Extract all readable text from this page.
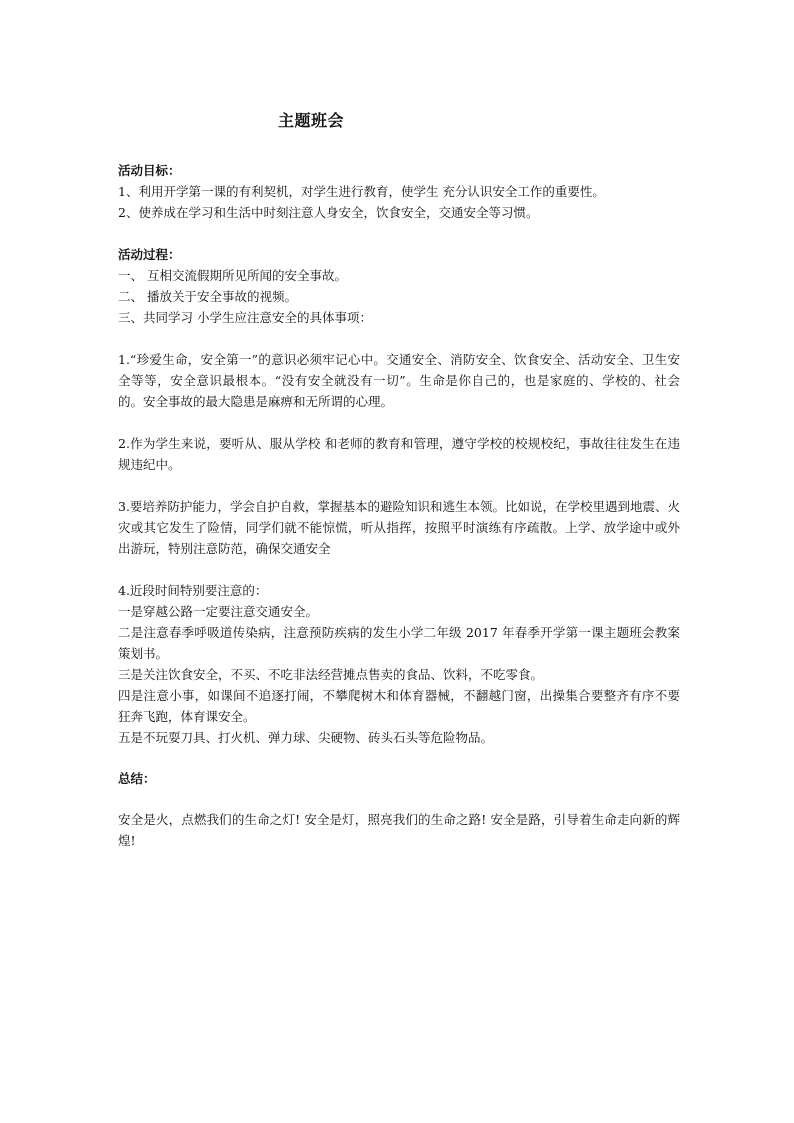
主题班会

活动目标：

1、利用开学第一课的有利契机，对学生进行教育，使学生 充分认识安全工作的重要性。

2、使养成在学习和生活中时刻注意人身安全，饮食安全，交通安全等习惯。

活动过程：

一、 互相交流假期所见所闻的安全事故。

二、 播放关于安全事故的视频。

三、共同学习 小学生应注意安全的具体事项：

1.“珍爱生命，安全第一”的意识必须牢记心中。交通安全、消防安全、饮食安全、活动安全、卫生安全等等，安全意识最根本。“没有安全就没有一切”。生命是你自己的，也是家庭的、学校的、社会的。安全事故的最大隐患是麻痹和无所谓的心理。

2.作为学生来说，要听从、服从学校 和老师的教育和管理，遵守学校的校规校纪，事故往往发生在违规违纪中。

3.要培养防护能力，学会自护自救，掌握基本的避险知识和逃生本领。比如说，在学校里遇到地震、火灾或其它发生了险情，同学们就不能惊慌，听从指挥，按照平时演练有序疏散。上学、放学途中或外出游玩，特别注意防范，确保交通安全

4.近段时间特别要注意的：

一是穿越公路一定要注意交通安全。

二是注意春季呼吸道传染病，注意预防疾病的发生小学二年级 2017 年春季开学第一课主题班会教案策划书。

三是关注饮食安全，不买、不吃非法经营摊点售卖的食品、饮料，不吃零食。

四是注意小事，如课间不追逐打闹，不攀爬树木和体育器械，不翻越门窗，出操集合要整齐有序不要狂奔飞跑，体育课安全。

五是不玩耍刀具、打火机、弹力球、尖硬物、砖头石头等危险物品。

总结：

安全是火，点燃我们的生命之灯! 安全是灯，照亮我们的生命之路! 安全是路，引导着生命走向新的辉煌!
